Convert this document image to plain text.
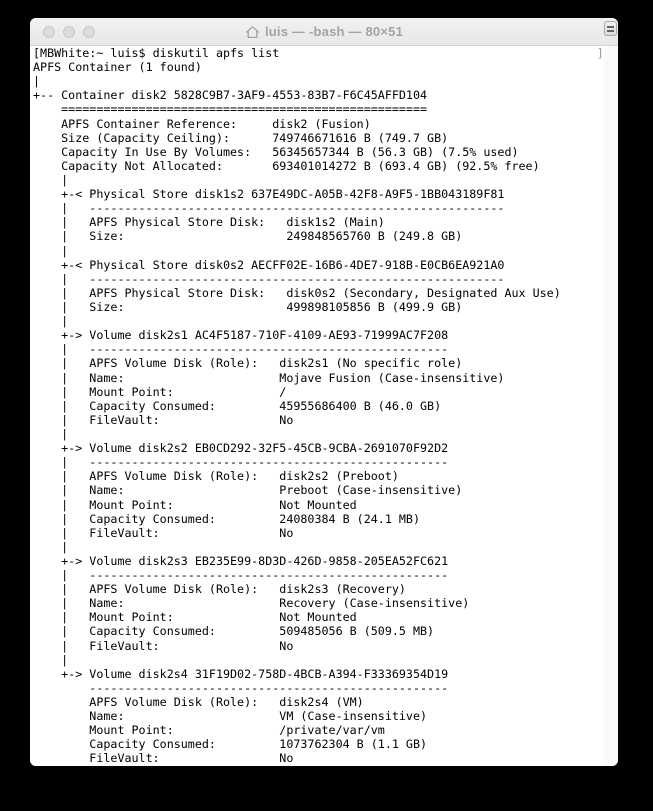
luis — -bash — 80×51
[MBWhite:~ luis$ diskutil apfs list	]
APFS Container (1 found)
|
+-- Container disk2 5828C9B7-3AF9-4553-83B7-F6C45AFFD104
====================================================
APFS Container Reference:     disk2 (Fusion)
Size (Capacity Ceiling):      749746671616 B (749.7 GB)
Capacity In Use By Volumes:   56345657344 B (56.3 GB) (7.5% used)
Capacity Not Allocated:       693401014272 B (693.4 GB) (92.5% free)
|
+-< Physical Store disk1s2 637E49DC-A05B-42F8-A9F5-1BB043189F81
|   -----------------------------------------------------------
|   APFS Physical Store Disk:   disk1s2 (Main)
|   Size:                       249848565760 B (249.8 GB)
|
+-< Physical Store disk0s2 AECFF02E-16B6-4DE7-918B-E0CB6EA921A0
|   -----------------------------------------------------------
|   APFS Physical Store Disk:   disk0s2 (Secondary, Designated Aux Use)
|   Size:                       499898105856 B (499.9 GB)
|
+-> Volume disk2s1 AC4F5187-710F-4109-AE93-71999AC7F208
|   ---------------------------------------------------
|   APFS Volume Disk (Role):   disk2s1 (No specific role)
|   Name:                      Mojave Fusion (Case-insensitive)
|   Mount Point:               /
|   Capacity Consumed:         45955686400 B (46.0 GB)
|   FileVault:                 No
|
+-> Volume disk2s2 EB0CD292-32F5-45CB-9CBA-2691070F92D2
|   ---------------------------------------------------
|   APFS Volume Disk (Role):   disk2s2 (Preboot)
|   Name:                      Preboot (Case-insensitive)
|   Mount Point:               Not Mounted
|   Capacity Consumed:         24080384 B (24.1 MB)
|   FileVault:                 No
|
+-> Volume disk2s3 EB235E99-8D3D-426D-9858-205EA52FC621
|   ---------------------------------------------------
|   APFS Volume Disk (Role):   disk2s3 (Recovery)
|   Name:                      Recovery (Case-insensitive)
|   Mount Point:               Not Mounted
|   Capacity Consumed:         509485056 B (509.5 MB)
|   FileVault:                 No
|
+-> Volume disk2s4 31F19D02-758D-4BCB-A394-F33369354D19
---------------------------------------------------
APFS Volume Disk (Role):   disk2s4 (VM)
Name:                      VM (Case-insensitive)
Mount Point:               /private/var/vm
Capacity Consumed:         1073762304 B (1.1 GB)
FileVault:                 No
